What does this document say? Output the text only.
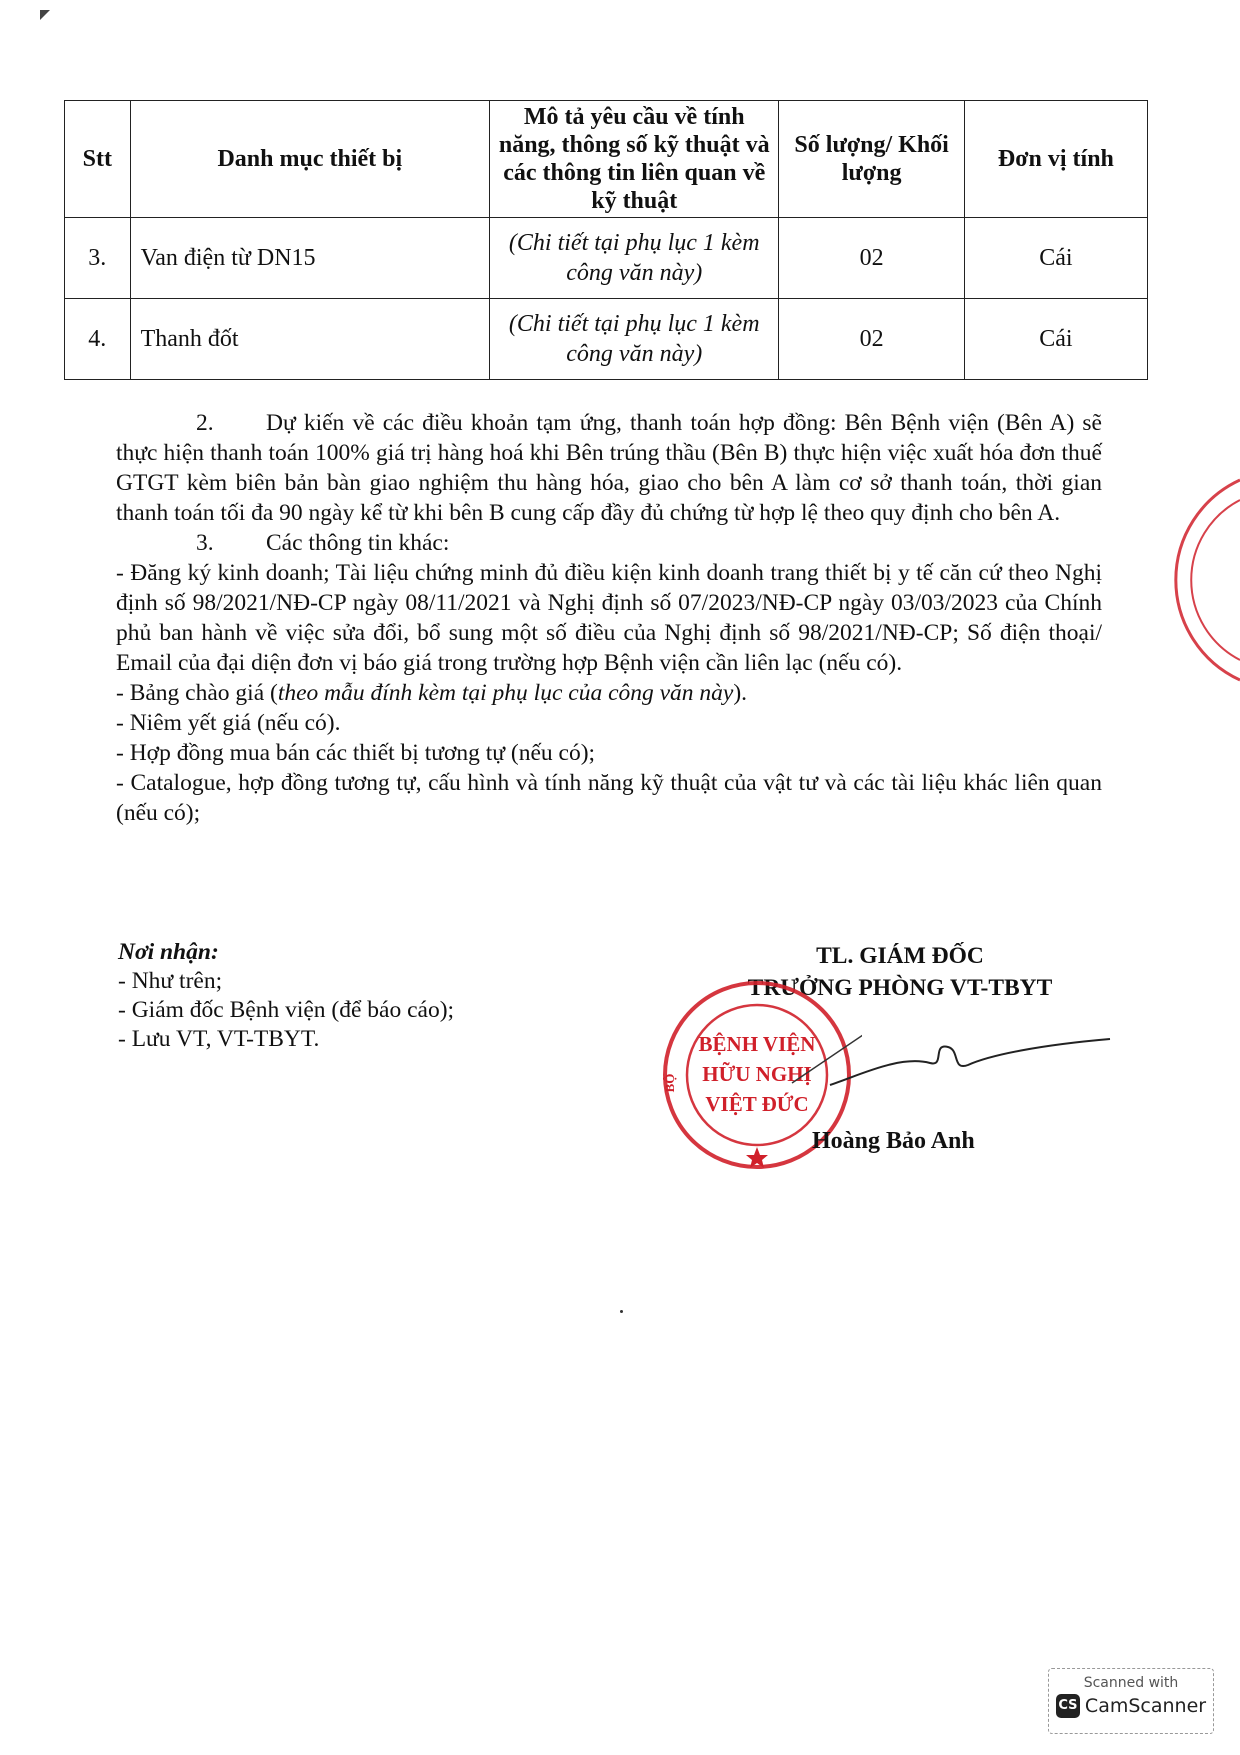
Stt	Danh mục thiết bị	Mô tả yêu cầu về tính năng, thông số kỹ thuật và các thông tin liên quan về kỹ thuật	Số lượng/ Khối lượng	Đơn vị tính
3.	Van điện từ DN15	(Chi tiết tại phụ lục 1 kèm công văn này)	02	Cái
4.	Thanh đốt	(Chi tiết tại phụ lục 1 kèm công văn này)	02	Cái

2. Dự kiến về các điều khoản tạm ứng, thanh toán hợp đồng: Bên Bệnh viện (Bên A) sẽ thực hiện thanh toán 100% giá trị hàng hoá khi Bên trúng thầu (Bên B) thực hiện việc xuất hóa đơn thuế GTGT kèm biên bản bàn giao nghiệm thu hàng hóa, giao cho bên A làm cơ sở thanh toán, thời gian thanh toán tối đa 90 ngày kể từ khi bên B cung cấp đầy đủ chứng từ hợp lệ theo quy định cho bên A.

3. Các thông tin khác:

- Đăng ký kinh doanh; Tài liệu chứng minh đủ điều kiện kinh doanh trang thiết bị y tế căn cứ theo Nghị định số 98/2021/NĐ-CP ngày 08/11/2021 và Nghị định số 07/2023/NĐ-CP ngày 03/03/2023 của Chính phủ ban hành về việc sửa đổi, bổ sung một số điều của Nghị định số 98/2021/NĐ-CP; Số điện thoại/ Email của đại diện đơn vị báo giá trong trường hợp Bệnh viện cần liên lạc (nếu có).

- Bảng chào giá (theo mẫu đính kèm tại phụ lục của công văn này).

- Niêm yết giá (nếu có).

- Hợp đồng mua bán các thiết bị tương tự (nếu có);

- Catalogue, hợp đồng tương tự, cấu hình và tính năng kỹ thuật của vật tư và các tài liệu khác liên quan (nếu có);

Nơi nhận:
- Như trên;
- Giám đốc Bệnh viện (để báo cáo);
- Lưu VT, VT-TBYT.
TL. GIÁM ĐỐC
TRƯỞNG PHÒNG VT-TBYT
BỆNH VIỆN
HỮU NGHỊ
VIỆT ĐỨC
BỘ
Hoàng Bảo Anh
Scanned with
CS CamScanner
